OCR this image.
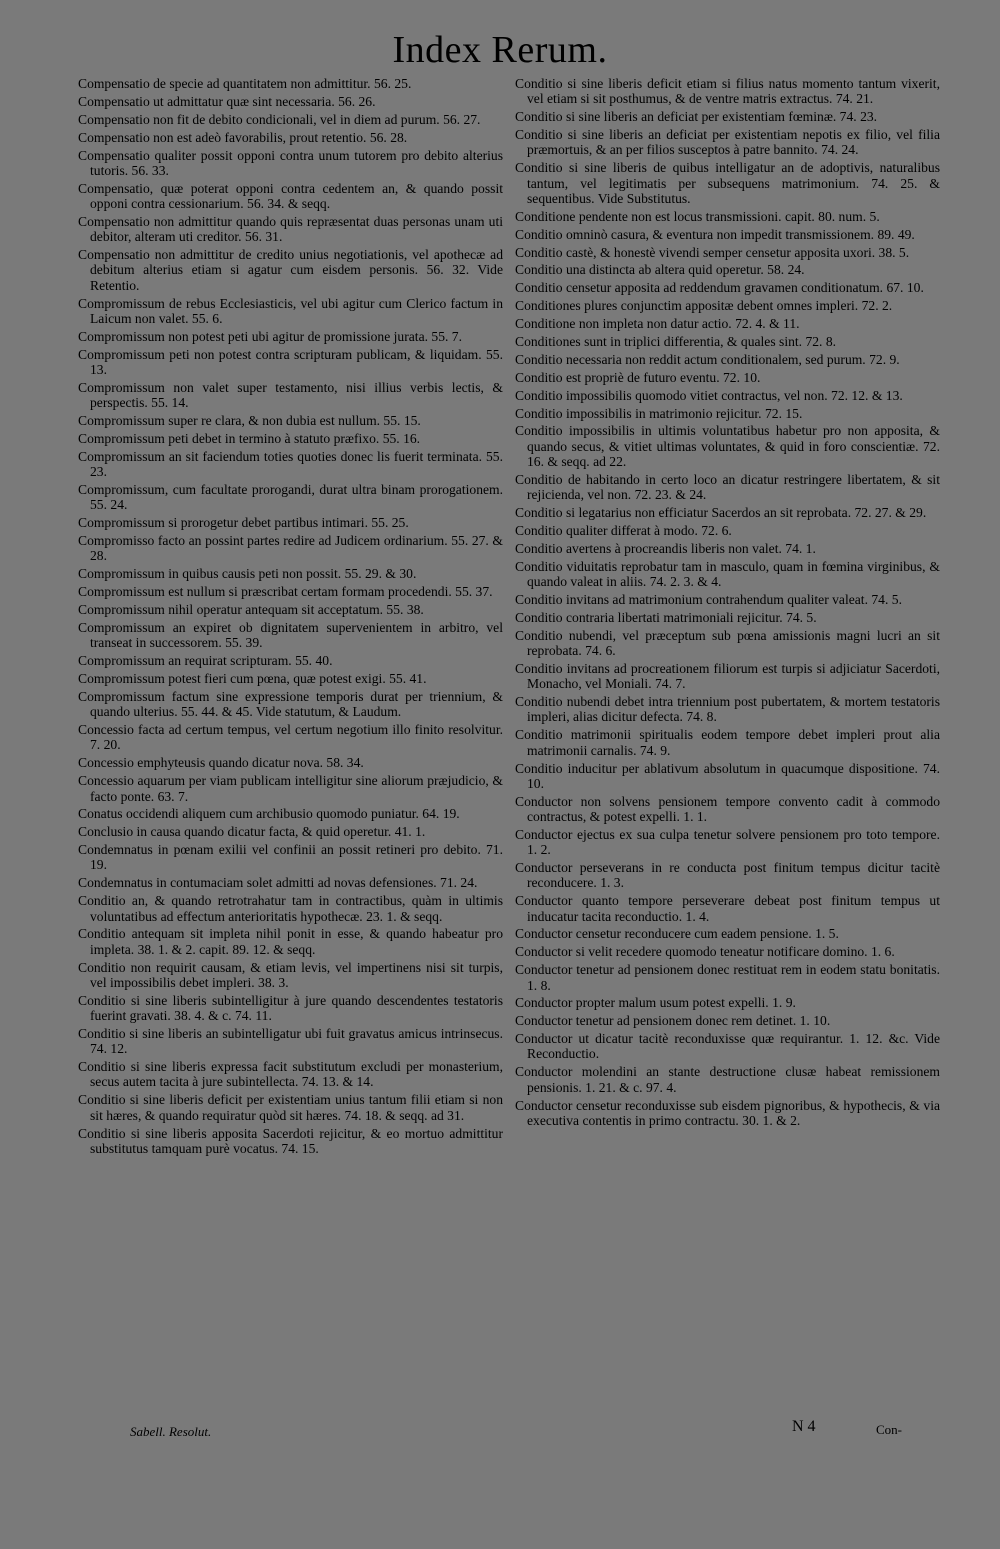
Index Rerum.

Compensatio de specie ad quantitatem non admittitur. 56. 25.

Compensatio ut admittatur quæ sint necessaria. 56. 26.

Compensatio non fit de debito condicionali, vel in diem ad purum. 56. 27.

Compensatio non est adeò favorabilis, prout retentio. 56. 28.

Compensatio qualiter possit opponi contra unum tutorem pro debito alterius tutoris. 56. 33.

Compensatio, quæ poterat opponi contra cedentem an, & quando possit opponi contra cessionarium. 56. 34. & seqq.

Compensatio non admittitur quando quis repræsentat duas personas unam uti debitor, alteram uti creditor. 56. 31.

Compensatio non admittitur de credito unius negotiationis, vel apothecæ ad debitum alterius etiam si agatur cum eisdem personis. 56. 32. Vide Retentio.

Compromissum de rebus Ecclesiasticis, vel ubi agitur cum Clerico factum in Laicum non valet. 55. 6.

Compromissum non potest peti ubi agitur de promissione jurata. 55. 7.

Compromissum peti non potest contra scripturam publicam, & liquidam. 55. 13.

Compromissum non valet super testamento, nisi illius verbis lectis, & perspectis. 55. 14.

Compromissum super re clara, & non dubia est nullum. 55. 15.

Compromissum peti debet in termino à statuto præfixo. 55. 16.

Compromissum an sit faciendum toties quoties donec lis fuerit terminata. 55. 23.

Compromissum, cum facultate prorogandi, durat ultra binam prorogationem. 55. 24.

Compromissum si prorogetur debet partibus intimari. 55. 25.

Compromisso facto an possint partes redire ad Judicem ordinarium. 55. 27. & 28.

Compromissum in quibus causis peti non possit. 55. 29. & 30.

Compromissum est nullum si præscribat certam formam procedendi. 55. 37.

Compromissum nihil operatur antequam sit acceptatum. 55. 38.

Compromissum an expiret ob dignitatem supervenientem in arbitro, vel transeat in successorem. 55. 39.

Compromissum an requirat scripturam. 55. 40.

Compromissum potest fieri cum pœna, quæ potest exigi. 55. 41.

Compromissum factum sine expressione temporis durat per triennium, & quando ulterius. 55. 44. & 45. Vide statutum, & Laudum.

Concessio facta ad certum tempus, vel certum negotium illo finito resolvitur. 7. 20.

Concessio emphyteusis quando dicatur nova. 58. 34.

Concessio aquarum per viam publicam intelligitur sine aliorum præjudicio, & facto ponte. 63. 7.

Conatus occidendi aliquem cum archibusio quomodo puniatur. 64. 19.

Conclusio in causa quando dicatur facta, & quid operetur. 41. 1.

Condemnatus in pœnam exilii vel confinii an possit retineri pro debito. 71. 19.

Condemnatus in contumaciam solet admitti ad novas defensiones. 71. 24.

Conditio an, & quando retrotrahatur tam in contractibus, quàm in ultimis voluntatibus ad effectum anterioritatis hypothecæ. 23. 1. & seqq.

Conditio antequam sit impleta nihil ponit in esse, & quando habeatur pro impleta. 38. 1. & 2. capit. 89. 12. & seqq.

Conditio non requirit causam, & etiam levis, vel impertinens nisi sit turpis, vel impossibilis debet impleri. 38. 3.

Conditio si sine liberis subintelligitur à jure quando descendentes testatoris fuerint gravati. 38. 4. & c. 74. 11.

Conditio si sine liberis an subintelligatur ubi fuit gravatus amicus intrinsecus. 74. 12.

Conditio si sine liberis expressa facit substitutum excludi per monasterium, secus autem tacita à jure subintellecta. 74. 13. & 14.

Conditio si sine liberis deficit per existentiam unius tantum filii etiam si non sit hæres, & quando requiratur quòd sit hæres. 74. 18. & seqq. ad 31.

Conditio si sine liberis apposita Sacerdoti rejicitur, & eo mortuo admittitur substitutus tamquam purè vocatus. 74. 15.

Conditio si sine liberis deficit etiam si filius natus momento tantum vixerit, vel etiam si sit posthumus, & de ventre matris extractus. 74. 21.

Conditio si sine liberis an deficiat per existentiam fœminæ. 74. 23.

Conditio si sine liberis an deficiat per existentiam nepotis ex filio, vel filia præmortuis, & an per filios susceptos à patre bannito. 74. 24.

Conditio si sine liberis de quibus intelligatur an de adoptivis, naturalibus tantum, vel legitimatis per subsequens matrimonium. 74. 25. & sequentibus. Vide Substitutus.

Conditione pendente non est locus transmissioni. capit. 80. num. 5.

Conditio omninò casura, & eventura non impedit transmissionem. 89. 49.

Conditio castè, & honestè vivendi semper censetur apposita uxori. 38. 5.

Conditio una distincta ab altera quid operetur. 58. 24.

Conditio censetur apposita ad reddendum gravamen conditionatum. 67. 10.

Conditiones plures conjunctim appositæ debent omnes impleri. 72. 2.

Conditione non impleta non datur actio. 72. 4. & 11.

Conditiones sunt in triplici differentia, & quales sint. 72. 8.

Conditio necessaria non reddit actum conditionalem, sed purum. 72. 9.

Conditio est propriè de futuro eventu. 72. 10.

Conditio impossibilis quomodo vitiet contractus, vel non. 72. 12. & 13.

Conditio impossibilis in matrimonio rejicitur. 72. 15.

Conditio impossibilis in ultimis voluntatibus habetur pro non apposita, & quando secus, & vitiet ultimas voluntates, & quid in foro conscientiæ. 72. 16. & seqq. ad 22.

Conditio de habitando in certo loco an dicatur restringere libertatem, & sit rejicienda, vel non. 72. 23. & 24.

Conditio si legatarius non efficiatur Sacerdos an sit reprobata. 72. 27. & 29.

Conditio qualiter differat à modo. 72. 6.

Conditio avertens à procreandis liberis non valet. 74. 1.

Conditio viduitatis reprobatur tam in masculo, quam in fœmina virginibus, & quando valeat in aliis. 74. 2. 3. & 4.

Conditio invitans ad matrimonium contrahendum qualiter valeat. 74. 5.

Conditio contraria libertati matrimoniali rejicitur. 74. 5.

Conditio nubendi, vel præceptum sub pœna amissionis magni lucri an sit reprobata. 74. 6.

Conditio invitans ad procreationem filiorum est turpis si adjiciatur Sacerdoti, Monacho, vel Moniali. 74. 7.

Conditio nubendi debet intra triennium post pubertatem, & mortem testatoris impleri, alias dicitur defecta. 74. 8.

Conditio matrimonii spiritualis eodem tempore debet impleri prout alia matrimonii carnalis. 74. 9.

Conditio inducitur per ablativum absolutum in quacumque dispositione. 74. 10.

Conductor non solvens pensionem tempore convento cadit à commodo contractus, & potest expelli. 1. 1.

Conductor ejectus ex sua culpa tenetur solvere pensionem pro toto tempore. 1. 2.

Conductor perseverans in re conducta post finitum tempus dicitur tacitè reconducere. 1. 3.

Conductor quanto tempore perseverare debeat post finitum tempus ut inducatur tacita reconductio. 1. 4.

Conductor censetur reconducere cum eadem pensione. 1. 5.

Conductor si velit recedere quomodo teneatur notificare domino. 1. 6.

Conductor tenetur ad pensionem donec restituat rem in eodem statu bonitatis. 1. 8.

Conductor propter malum usum potest expelli. 1. 9.

Conductor tenetur ad pensionem donec rem detinet. 1. 10.

Conductor ut dicatur tacitè reconduxisse quæ requirantur. 1. 12. &c. Vide Reconductio.

Conductor molendini an stante destructione clusæ habeat remissionem pensionis. 1. 21. & c. 97. 4.

Conductor censetur reconduxisse sub eisdem pignoribus, & hypothecis, & via executiva contentis in primo contractu. 30. 1. & 2.

Sabell. Resolut.	N 4	Con-
